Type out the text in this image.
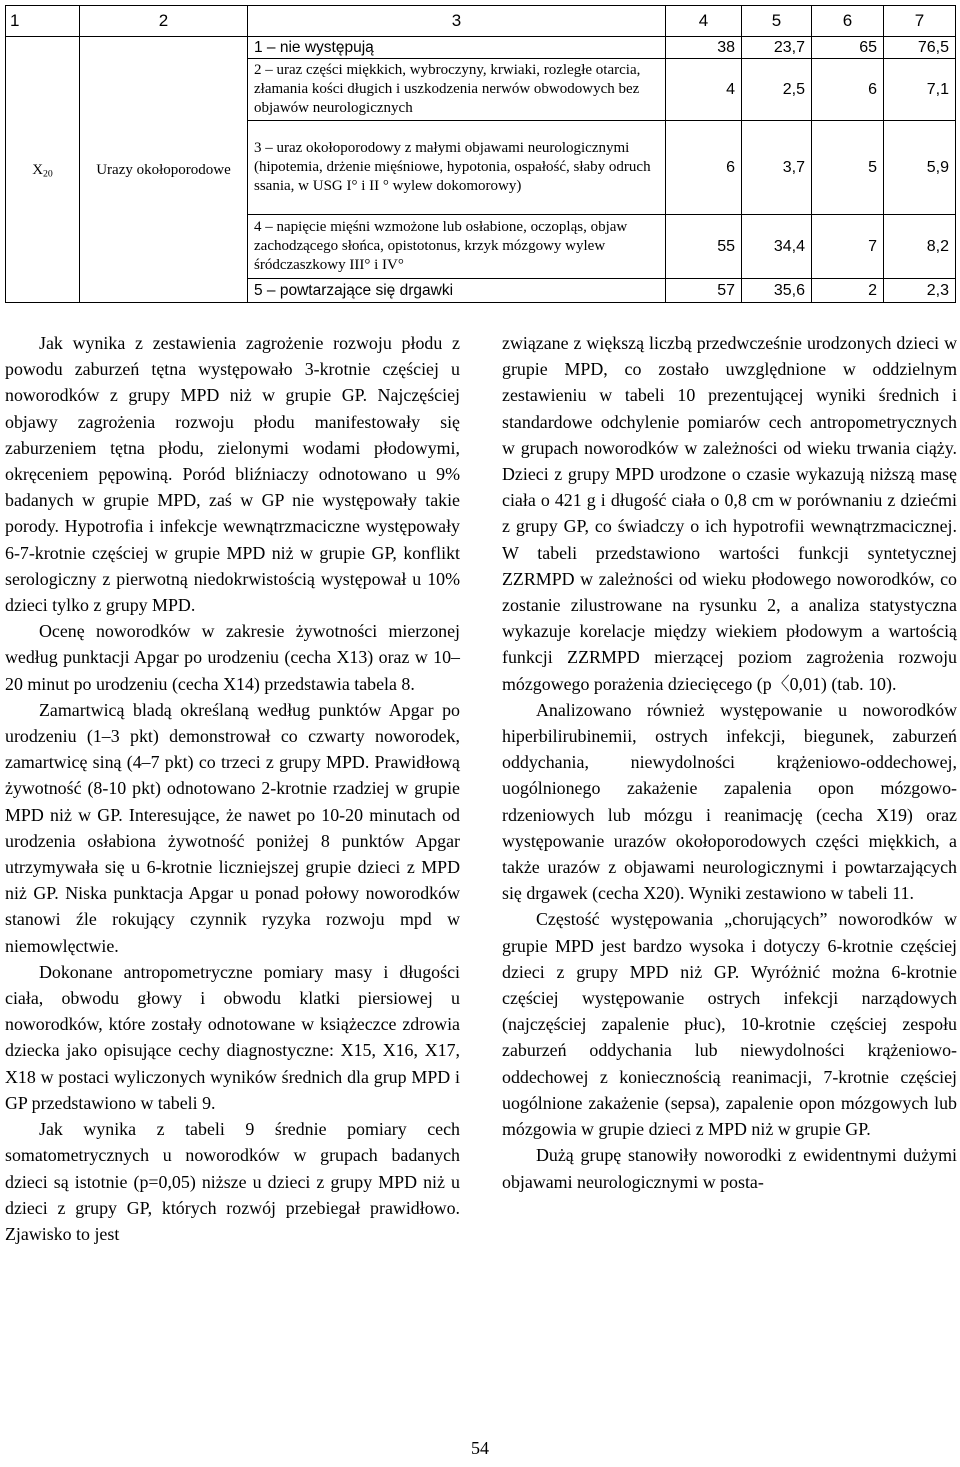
1	2	3	4	5	6	7
$X_{20}$	Urazy okołoporodowe	1 – nie występują	38	23,7	65	76,5
		2 – uraz części miękkich, wybroczyny, krwiaki, rozległe otarcia, złamania kości długich i uszkodzenia nerwów obwodowych bez objawów neurologicznych	4	2,5	6	7,1
		3 – uraz okołoporodowy z małymi objawami neurologicznymi (hipotemia, drżenie mięśniowe, hypotonia, ospałość, słaby odruch ssania, w USG I° i II ° wylew dokomorowy)	6	3,7	5	5,9
		4 – napięcie mięśni wzmożone lub osłabione, oczopląs, objaw zachodzącego słońca, opistotonus, krzyk mózgowy wylew śródczaszkowy III° i IV°	55	34,4	7	8,2
		5 – powtarzające się drgawki	57	35,6	2	2,3

Jak wynika z zestawienia zagrożenie rozwoju płodu z powodu zaburzeń tętna występowało 3-krotnie częściej u noworodków z grupy MPD niż w grupie GP. Najczęściej objawy zagrożenia rozwoju płodu manifestowały się zaburzeniem tętna płodu, zielonymi wodami płodowymi, okręceniem pępowiną. Poród bliźniaczy odnotowano u 9% badanych w grupie MPD, zaś w GP nie występowały takie porody. Hypotrofia i infekcje wewnątrzmaciczne występowały 6-7-krotnie częściej w grupie MPD niż w grupie GP, konflikt serologiczny z pierwotną niedokrwistością występował u 10% dzieci tylko z grupy MPD.

Ocenę noworodków w zakresie żywotności mierzonej według punktacji Apgar po urodzeniu (cecha X13) oraz w 10–20 minut po urodzeniu (cecha X14) przedstawia tabela 8.

Zamartwicą bladą określaną według punktów Apgar po urodzeniu (1–3 pkt) demonstrował co czwarty noworodek, zamartwicę siną (4–7 pkt) co trzeci z grupy MPD. Prawidłową żywotność (8-10 pkt) odnotowano 2-krotnie rzadziej w grupie MPD niż w GP. Interesujące, że nawet po 10-20 minutach od urodzenia osłabiona żywotność poniżej 8 punktów Apgar utrzymywała się u 6-krotnie liczniejszej grupie dzieci z MPD niż GP. Niska punktacja Apgar u ponad połowy noworodków stanowi źle rokujący czynnik ryzyka rozwoju mpd w niemowlęctwie.

Dokonane antropometryczne pomiary masy i długości ciała, obwodu głowy i obwodu klatki piersiowej u noworodków, które zostały odnotowane w książeczce zdrowia dziecka jako opisujące cechy diagnostyczne: X15, X16, X17, X18 w postaci wyliczonych wyników średnich dla grup MPD i GP przedstawiono w tabeli 9.

Jak wynika z tabeli 9 średnie pomiary cech somatometrycznych u noworodków w grupach badanych dzieci są istotnie (p=0,05) niższe u dzieci z grupy MPD niż u dzieci z grupy GP, których rozwój przebiegał prawidłowo. Zjawisko to jest

związane z większą liczbą przedwcześnie urodzonych dzieci w grupie MPD, co zostało uwzględnione w oddzielnym zestawieniu w tabeli 10 prezentującej wyniki średnich i standardowe odchylenie pomiarów cech antropometrycznych w grupach noworodków w zależności od wieku trwania ciąży. Dzieci z grupy MPD urodzone o czasie wykazują niższą masę ciała o 421 g i długość ciała o 0,8 cm w porównaniu z dziećmi z grupy GP, co świadczy o ich hypotrofii wewnątrzmacicznej. W tabeli przedstawiono wartości funkcji syntetycznej ZZRMPD w zależności od wieku płodowego noworodków, co zostanie zilustrowane na rysunku 2, a analiza statystyczna wykazuje korelacje między wiekiem płodowym a wartością funkcji ZZRMPD mierzącej poziom zagrożenia rozwoju mózgowego porażenia dziecięcego (p〈0,01) (tab. 10).

Analizowano również występowanie u noworodków hiperbilirubinemii, ostrych infekcji, biegunek, zaburzeń oddychania, niewydolności krążeniowo-oddechowej, uogólnionego zakażenie zapalenia opon mózgowo-rdzeniowych lub mózgu i reanimację (cecha X19) oraz występowanie urazów okołoporodowych części miękkich, a także urazów z objawami neurologicznymi i powtarzających się drgawek (cecha X20). Wyniki zestawiono w tabeli 11.

Częstość występowania „chorujących” noworodków w grupie MPD jest bardzo wysoka i dotyczy 6-krotnie częściej dzieci z grupy MPD niż GP. Wyróżnić można 6-krotnie częściej występowanie ostrych infekcji narządowych (najczęściej zapalenie płuc), 10-krotnie częściej zespołu zaburzeń oddychania lub niewydolności krążeniowo-oddechowej z koniecznością reanimacji, 7-krotnie częściej uogólnione zakażenie (sepsa), zapalenie opon mózgowych lub mózgowia w grupie dzieci z MPD niż w grupie GP.

Dużą grupę stanowiły noworodki z ewidentnymi dużymi objawami neurologicznymi w posta-

54
